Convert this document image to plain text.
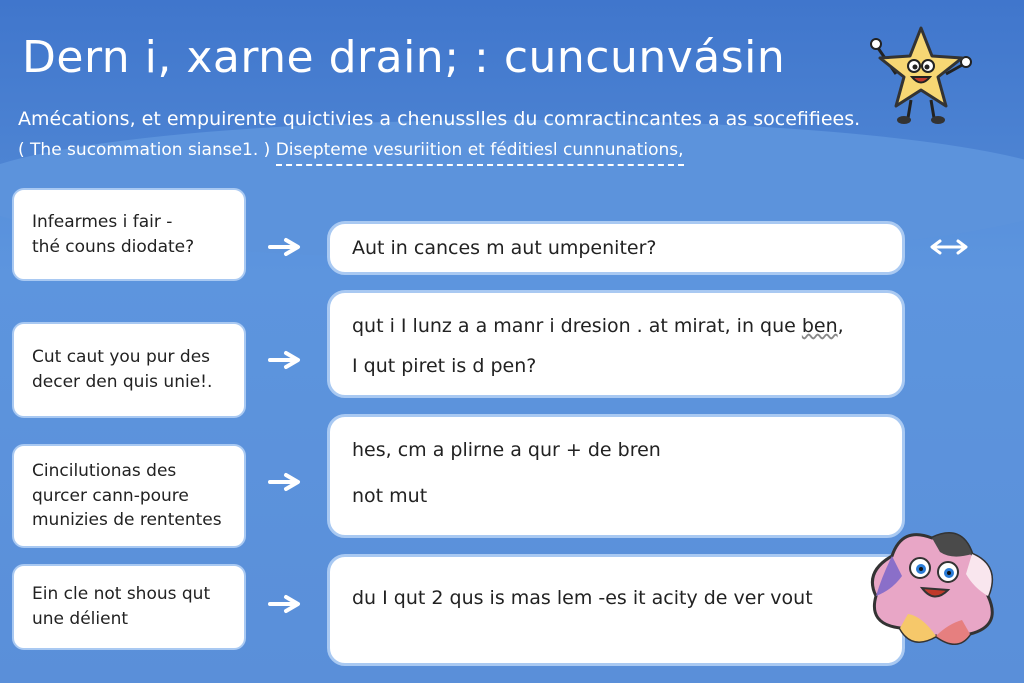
Dern i, xarne drain; : cuncunvásin

Amécations, et empuirente quictivies a chenusslles du comractincantes a as socefifiees.

( The sucommation sianse1. ) Disepteme vesuriition et féditiesl cunnunations,

Infearmes i fair -
thé couns diodate?	Aut in cances m aut umpeniter?
Cut caut you pur des
decer den quis unie!.
qut i I lunz a a manr i dresion . at mirat, in que ben,
I qut piret is d pen?
Cincilutionas des
qurcer cann-poure
munizies de rententes
hes, cm a plirne a qur + de bren
not mut
Ein cle not shous qut
une délient
du I qut 2 qus is mas lem -es it acity de ver vout
